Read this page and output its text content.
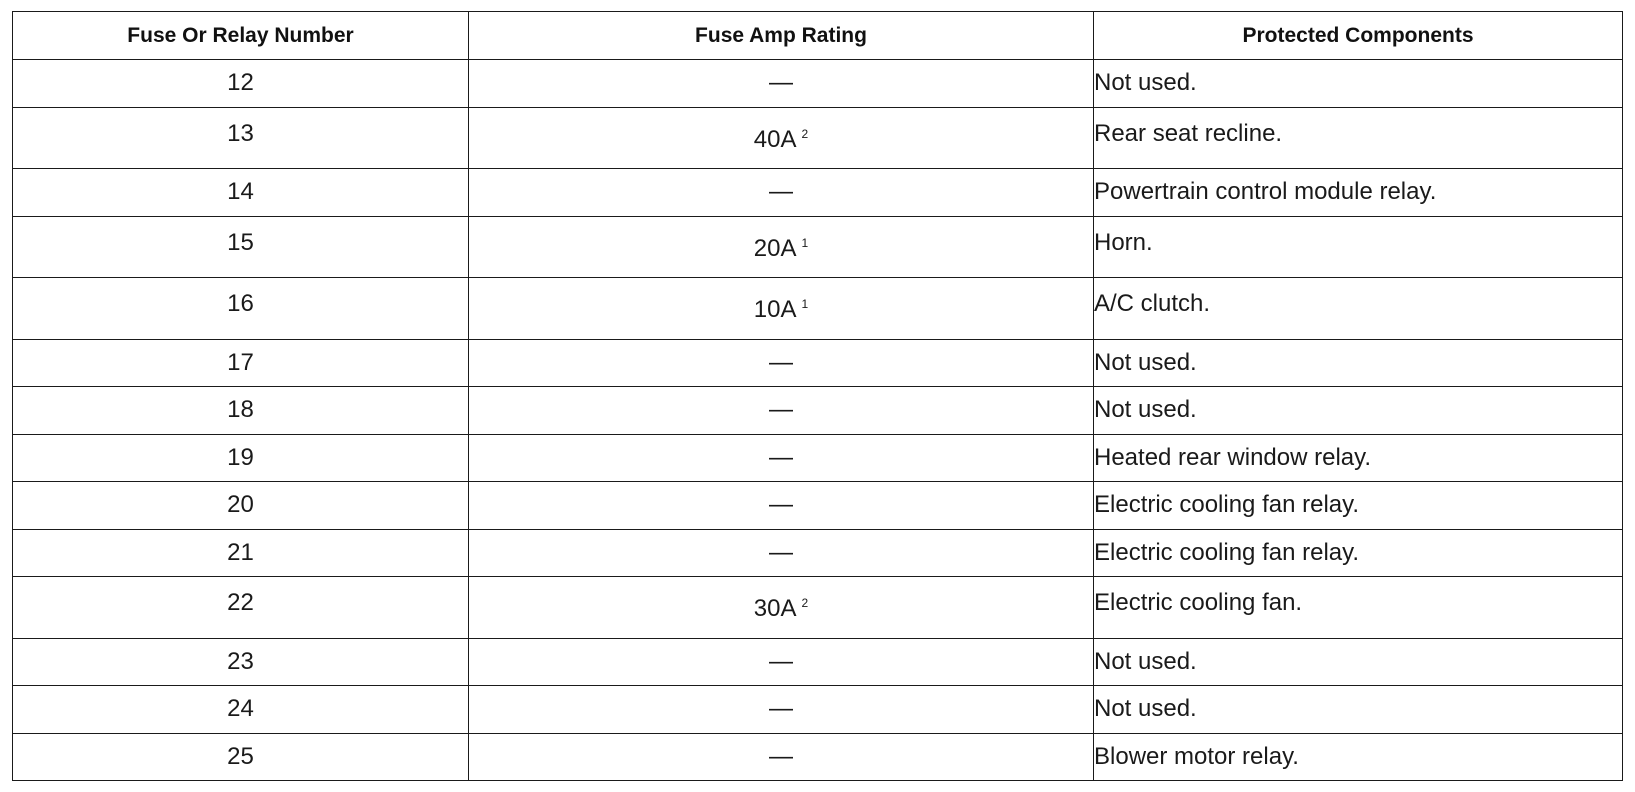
Fuse Or Relay Number	Fuse Amp Rating	Protected Components
12	—	Not used.
13	40A $^2$	Rear seat recline.
14	—	Powertrain control module relay.
15	20A $^1$	Horn.
16	10A $^1$	A/C clutch.
17	—	Not used.
18	—	Not used.
19	—	Heated rear window relay.
20	—	Electric cooling fan relay.
21	—	Electric cooling fan relay.
22	30A $^2$	Electric cooling fan.
23	—	Not used.
24	—	Not used.
25	—	Blower motor relay.
